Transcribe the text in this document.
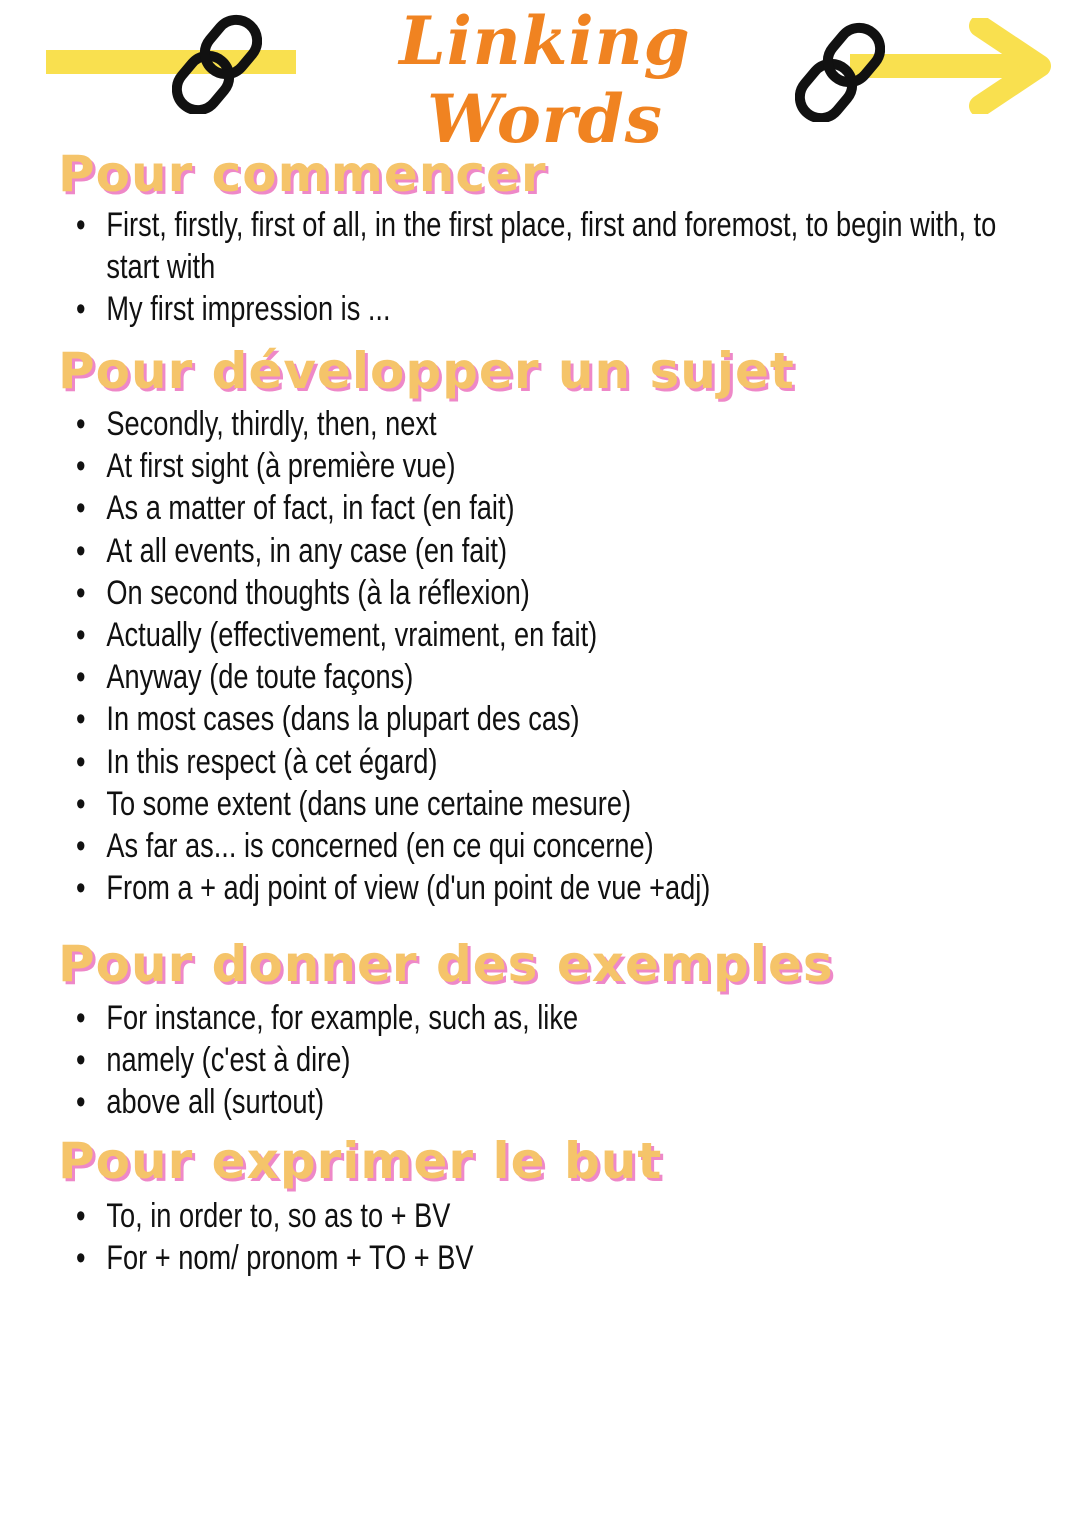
Linking Words
Pour commencer
• First, firstly, first of all, in the first place, first and foremost, to begin with, to start with
• My first impression is ...
Pour développer un sujet
• Secondly, thirdly, then, next
• At first sight (à première vue)
• As a matter of fact, in fact (en fait)
• At all events, in any case (en fait)
• On second thoughts (à la réflexion)
• Actually (effectivement, vraiment, en fait)
• Anyway (de toute façons)
• In most cases (dans la plupart des cas)
• In this respect (à cet égard)
• To some extent (dans une certaine mesure)
• As far as... is concerned (en ce qui concerne)
• From a + adj point of view (d'un point de vue +adj)
Pour donner des exemples
• For instance, for example, such as, like
• namely (c'est à dire)
• above all (surtout)
Pour exprimer le but
• To, in order to, so as to + BV
• For + nom/ pronom + TO + BV
